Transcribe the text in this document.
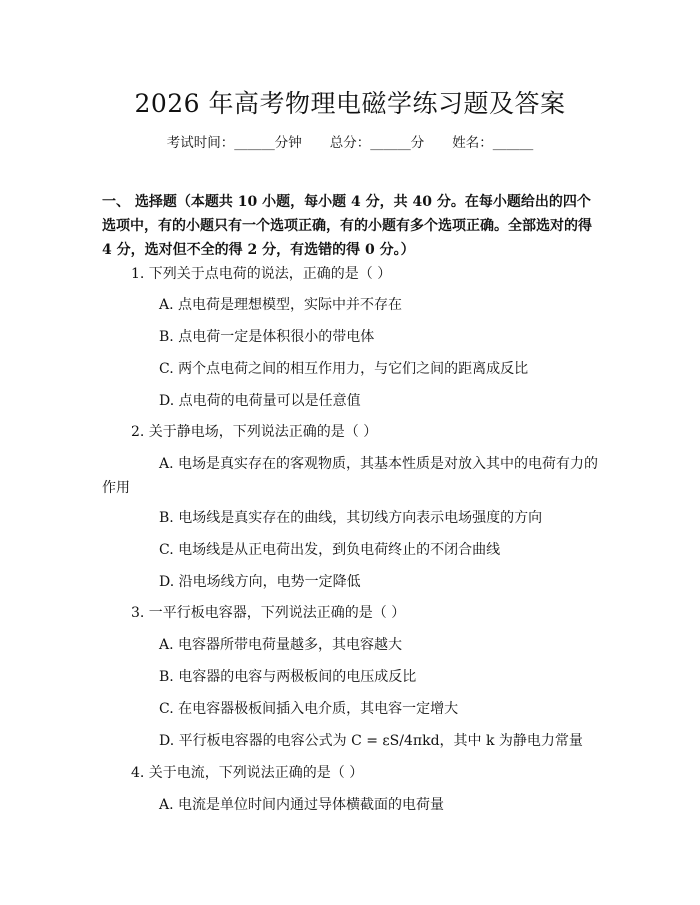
2026 年高考物理电磁学练习题及答案
考试时间：______分钟 总分：______分 姓名：______

一、 选择题（本题共 10 小题，每小题 4 分，共 40 分。在每小题给出的四个选项中，有的小题只有一个选项正确，有的小题有多个选项正确。全部选对的得 4 分，选对但不全的得 2 分，有选错的得 0 分。）

1. 下列关于点电荷的说法，正确的是（ ）

A. 点电荷是理想模型，实际中并不存在

B. 点电荷一定是体积很小的带电体

C. 两个点电荷之间的相互作用力，与它们之间的距离成反比

D. 点电荷的电荷量可以是任意值

2. 关于静电场，下列说法正确的是（ ）

A. 电场是真实存在的客观物质，其基本性质是对放入其中的电荷有力的作用

B. 电场线是真实存在的曲线，其切线方向表示电场强度的方向

C. 电场线是从正电荷出发，到负电荷终止的不闭合曲线

D. 沿电场线方向，电势一定降低

3. 一平行板电容器，下列说法正确的是（ ）

A. 电容器所带电荷量越多，其电容越大

B. 电容器的电容与两极板间的电压成反比

C. 在电容器极板间插入电介质，其电容一定增大

D. 平行板电容器的电容公式为 C = εS/4πkd，其中 k 为静电力常量

4. 关于电流，下列说法正确的是（ ）

A. 电流是单位时间内通过导体横截面的电荷量
